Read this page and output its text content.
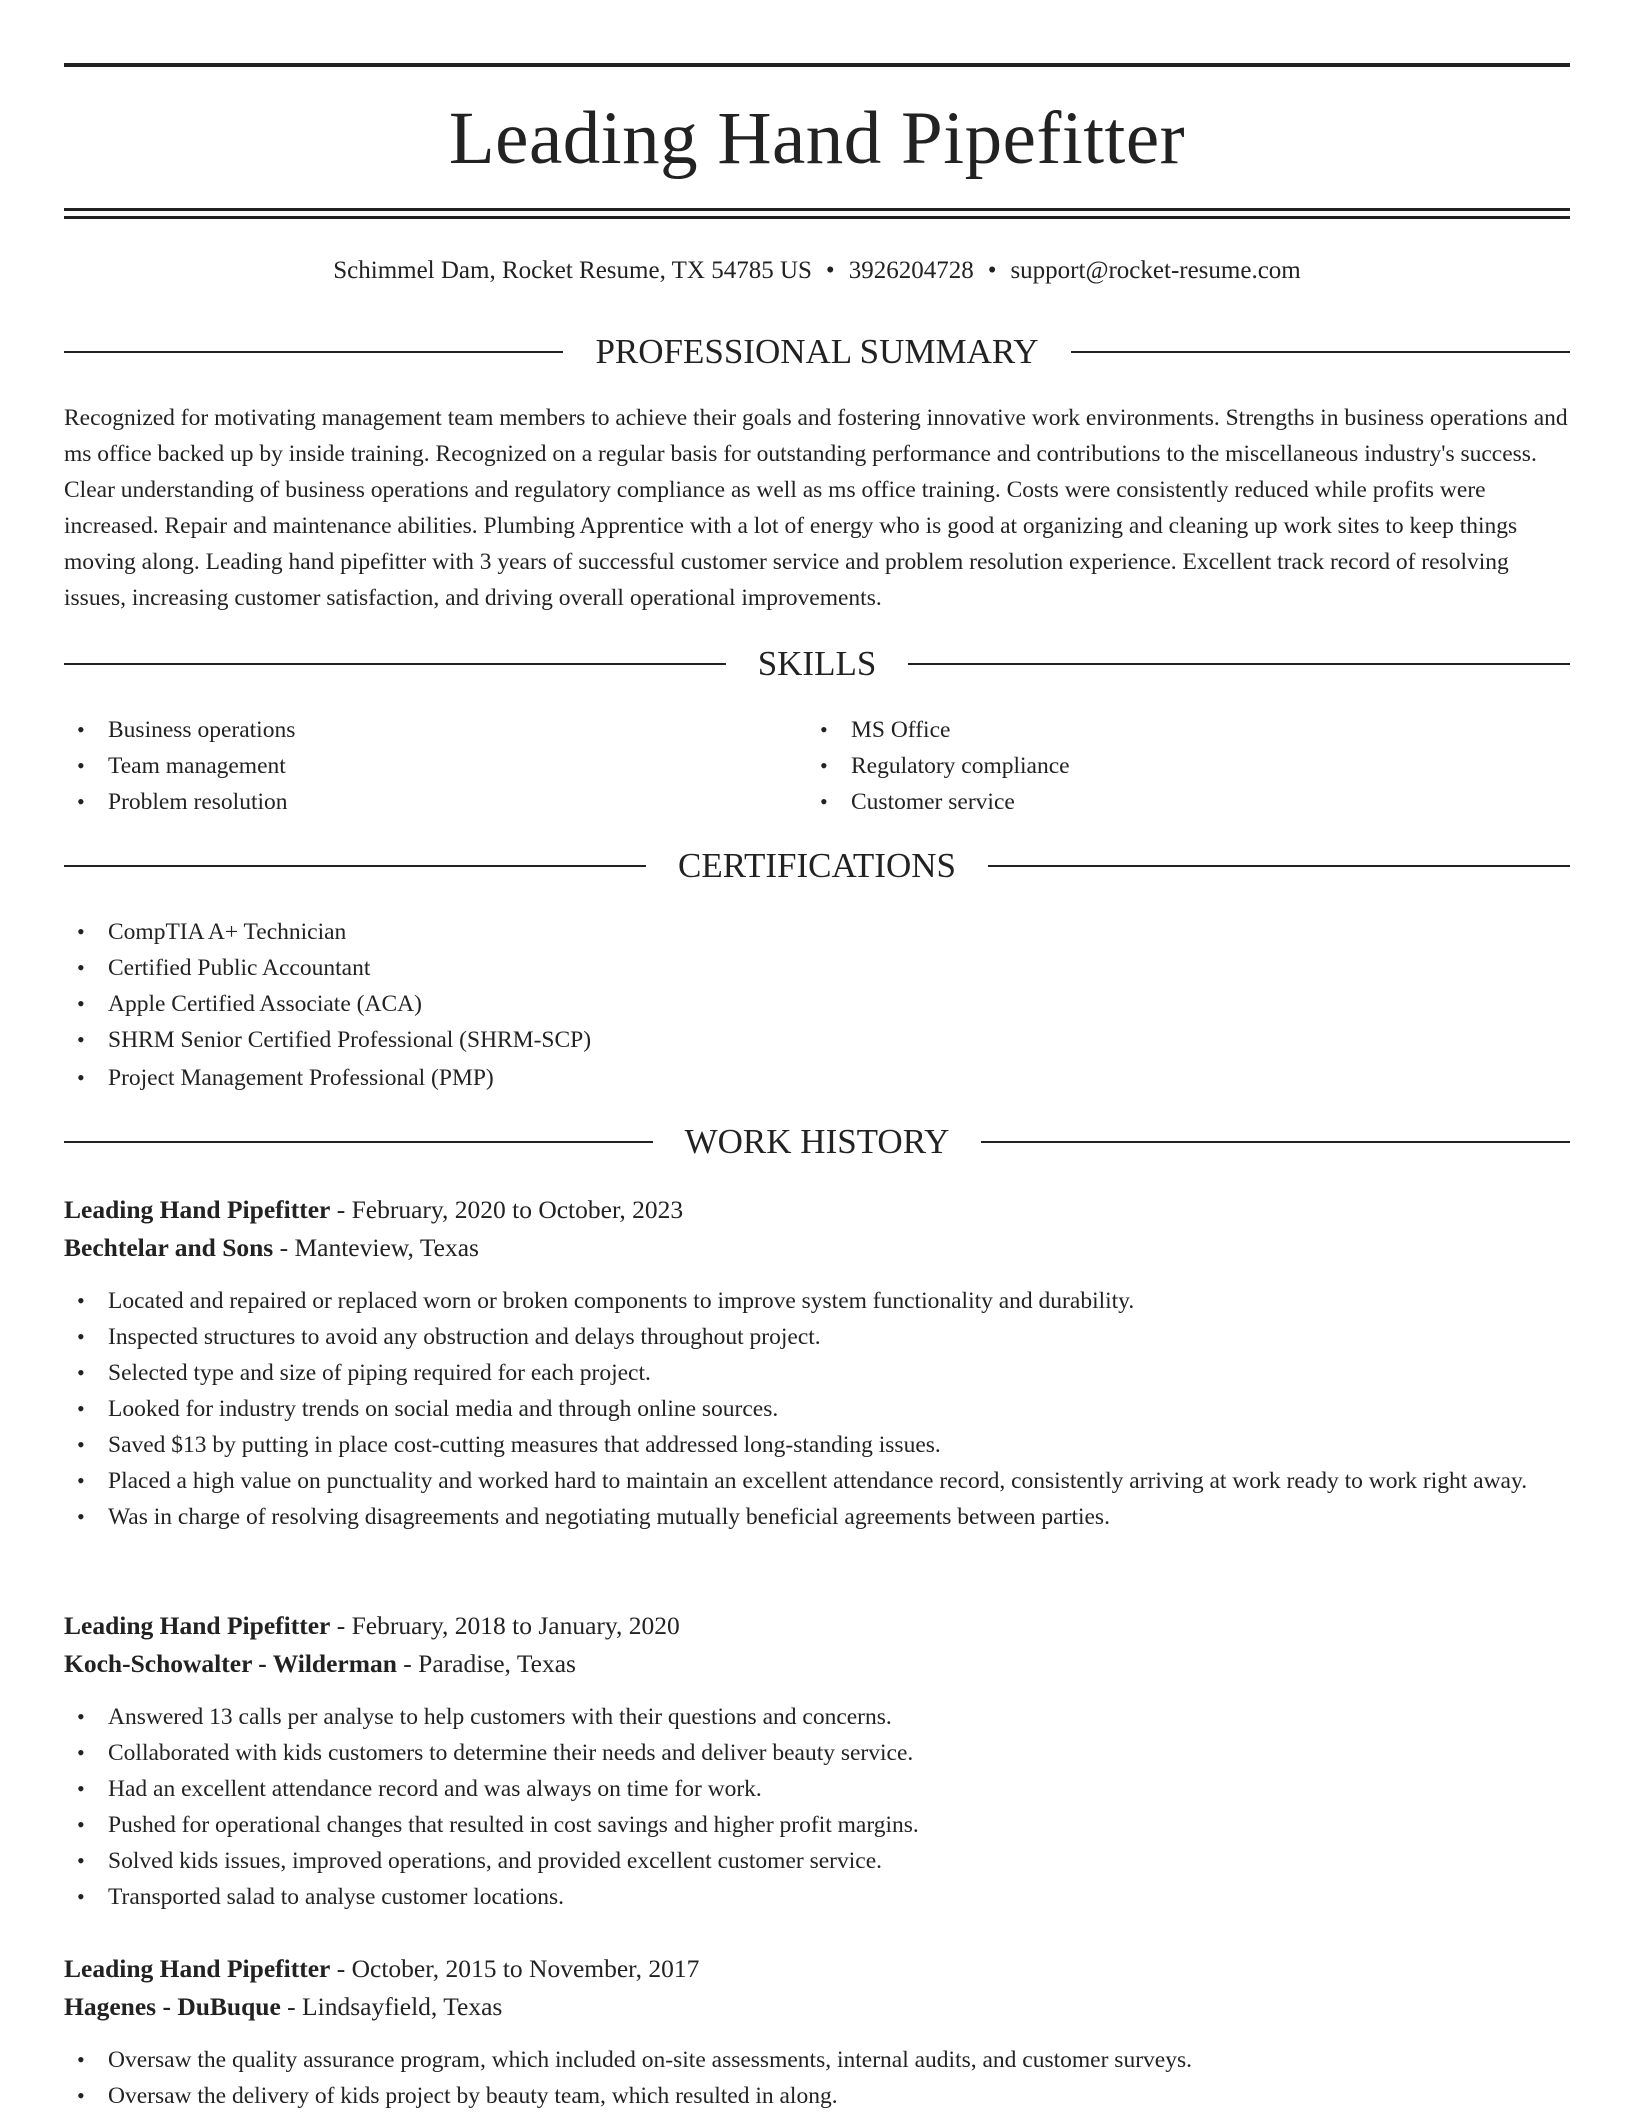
Leading Hand Pipefitter
Schimmel Dam, Rocket Resume, TX 54785 US • 3926204728 • support@rocket-resume.com
PROFESSIONAL SUMMARY

Recognized for motivating management team members to achieve their goals and fostering innovative work environments. Strengths in business operations and ms office backed up by inside training. Recognized on a regular basis for outstanding performance and contributions to the miscellaneous industry's success. Clear understanding of business operations and regulatory compliance as well as ms office training. Costs were consistently reduced while profits were increased. Repair and maintenance abilities. Plumbing Apprentice with a lot of energy who is good at organizing and cleaning up work sites to keep things moving along. Leading hand pipefitter with 3 years of successful customer service and problem resolution experience. Excellent track record of resolving issues, increasing customer satisfaction, and driving overall operational improvements.

SKILLS
• Business operations
• Team management
• Problem resolution
• MS Office
• Regulatory compliance
• Customer service
CERTIFICATIONS
• CompTIA A+ Technician
• Certified Public Accountant
• Apple Certified Associate (ACA)
• SHRM Senior Certified Professional (SHRM-SCP)
• Project Management Professional (PMP)
WORK HISTORY
Leading Hand Pipefitter - February, 2020 to October, 2023
Bechtelar and Sons - Manteview, Texas
• Located and repaired or replaced worn or broken components to improve system functionality and durability.
• Inspected structures to avoid any obstruction and delays throughout project.
• Selected type and size of piping required for each project.
• Looked for industry trends on social media and through online sources.
• Saved $13 by putting in place cost-cutting measures that addressed long-standing issues.
• Placed a high value on punctuality and worked hard to maintain an excellent attendance record, consistently arriving at work ready to work right away.
• Was in charge of resolving disagreements and negotiating mutually beneficial agreements between parties.
Leading Hand Pipefitter - February, 2018 to January, 2020
Koch-Schowalter - Wilderman - Paradise, Texas
• Answered 13 calls per analyse to help customers with their questions and concerns.
• Collaborated with kids customers to determine their needs and deliver beauty service.
• Had an excellent attendance record and was always on time for work.
• Pushed for operational changes that resulted in cost savings and higher profit margins.
• Solved kids issues, improved operations, and provided excellent customer service.
• Transported salad to analyse customer locations.
Leading Hand Pipefitter - October, 2015 to November, 2017
Hagenes - DuBuque - Lindsayfield, Texas
• Oversaw the quality assurance program, which included on-site assessments, internal audits, and customer surveys.
• Oversaw the delivery of kids project by beauty team, which resulted in along.
